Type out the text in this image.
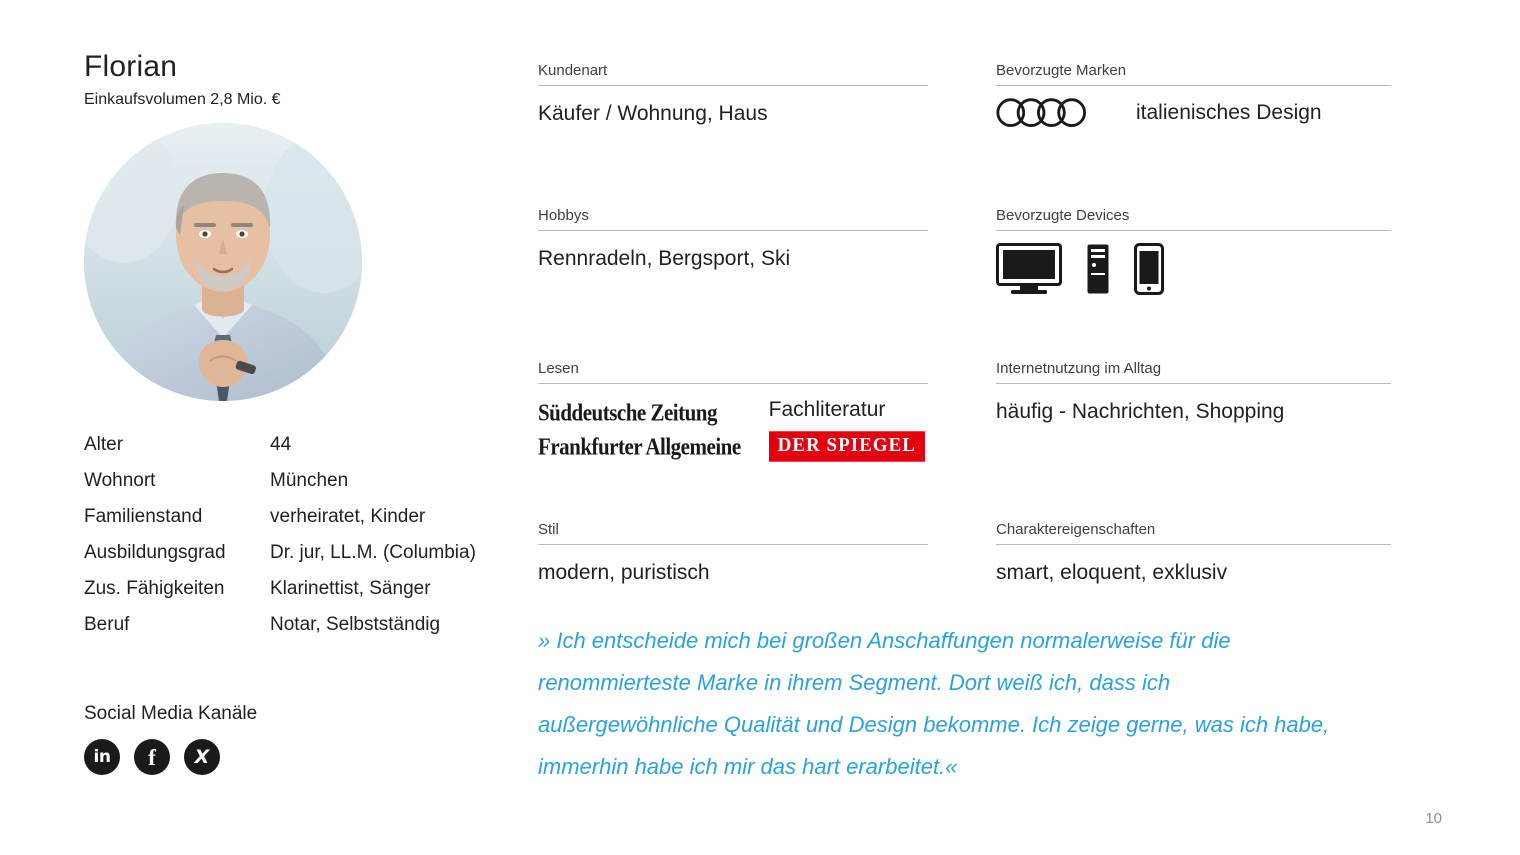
Florian
Einkaufsvolumen 2,8 Mio. €
Alter	44
Wohnort	München
Familienstand	verheiratet, Kinder
Ausbildungsgrad	Dr. jur, LL.M. (Columbia)
Zus. Fähigkeiten	Klarinettist, Sänger
Beruf	Notar, Selbstständig
Social Media Kanäle
in	f	X
Kundenart
Käufer / Wohnung, Haus
Hobbys
Rennradeln, Bergsport, Ski
Lesen
Süddeutsche Zeitung
Frankfurter Allgemeine
Fachliteratur
DER SPIEGEL
Stil
modern, puristisch
Bevorzugte Marken
italienisches Design
Bevorzugte Devices
Internetnutzung im Alltag
häufig - Nachrichten, Shopping
Charaktereigenschaften
smart, eloquent, exklusiv
» Ich entscheide mich bei großen Anschaffungen normalerweise für die renommierteste Marke in ihrem Segment. Dort weiß ich, dass ich außergewöhnliche Qualität und Design bekomme. Ich zeige gerne, was ich habe, immerhin habe ich mir das hart erarbeitet.«
10
